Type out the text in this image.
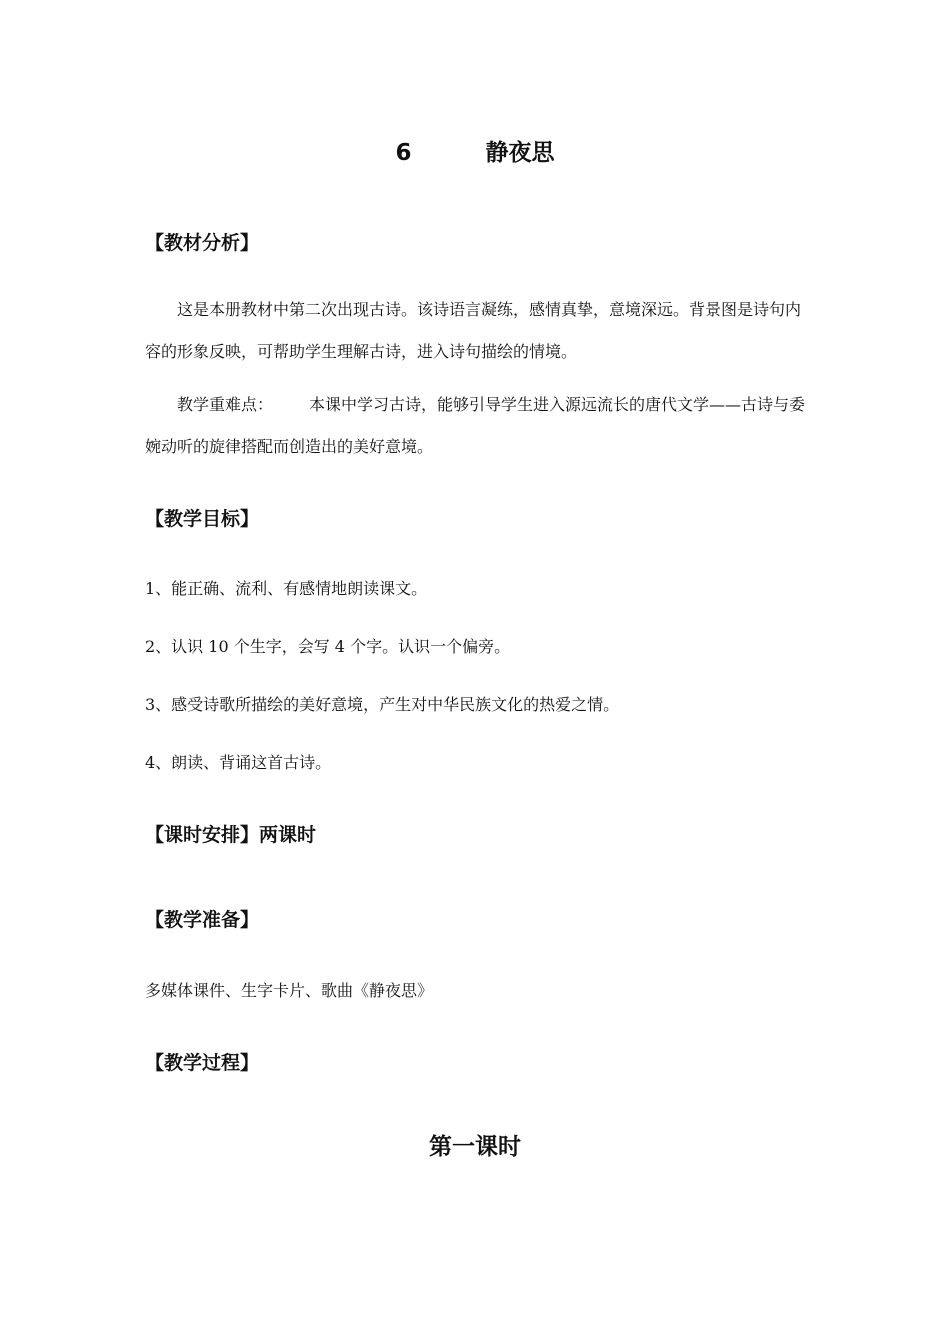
6	静夜思
【教材分析】

这是本册教材中第二次出现古诗。该诗语言凝练，感情真挚，意境深远。背景图是诗句内容的形象反映，可帮助学生理解古诗，进入诗句描绘的情境。

教学重难点： 本课中学习古诗，能够引导学生进入源远流长的唐代文学——古诗与委婉动听的旋律搭配而创造出的美好意境。

【教学目标】
1、能正确、流利、有感情地朗读课文。
2、认识 10 个生字，会写 4 个字。认识一个偏旁。
3、感受诗歌所描绘的美好意境，产生对中华民族文化的热爱之情。
4、朗读、背诵这首古诗。
【课时安排】两课时
【教学准备】
多媒体课件、生字卡片、歌曲《静夜思》
【教学过程】
第一课时
